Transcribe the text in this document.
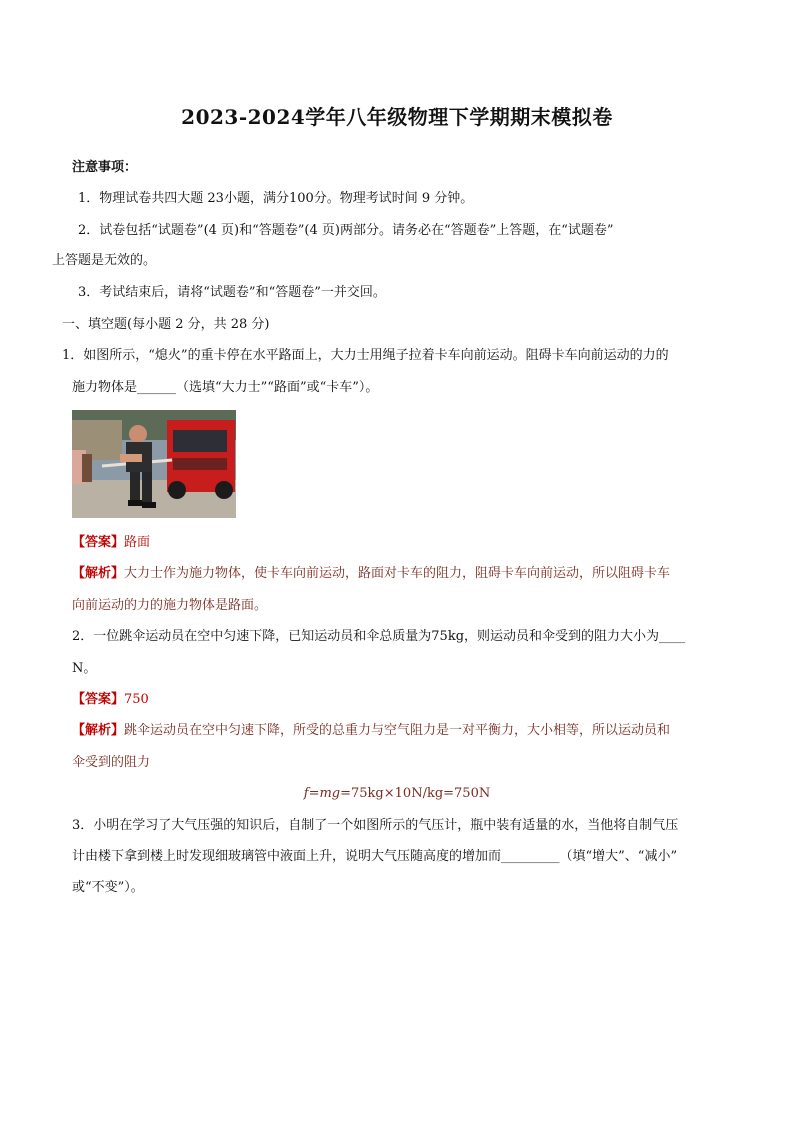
2023-2024学年八年级物理下学期期末模拟卷
注意事项：
1．物理试卷共四大题 23小题，满分100分。物理考试时间 9 分钟。
2．试卷包括“试题卷”(4 页)和“答题卷”(4 页)两部分。请务必在“答题卷”上答题，在“试题卷”
上答题是无效的。
3．考试结束后，请将“试题卷”和“答题卷”一并交回。
一、填空题(每小题 2 分，共 28 分)
1．如图所示，“熄火”的重卡停在水平路面上，大力士用绳子拉着卡车向前运动。阻碍卡车向前运动的力的
施力物体是______（选填“大力士”“路面”或“卡车”）。
【答案】路面
【解析】大力士作为施力物体，使卡车向前运动，路面对卡车的阻力，阻碍卡车向前运动，所以阻碍卡车
向前运动的力的施力物体是路面。
2．一位跳伞运动员在空中匀速下降，已知运动员和伞总质量为75kg，则运动员和伞受到的阻力大小为____
N。
【答案】750
【解析】跳伞运动员在空中匀速下降，所受的总重力与空气阻力是一对平衡力，大小相等，所以运动员和
伞受到的阻力
f=mg=75kg×10N/kg=750N
3．小明在学习了大气压强的知识后，自制了一个如图所示的气压计，瓶中装有适量的水，当他将自制气压
计由楼下拿到楼上时发现细玻璃管中液面上升，说明大气压随高度的增加而_________（填“增大”、“减小”
或“不变”）。
